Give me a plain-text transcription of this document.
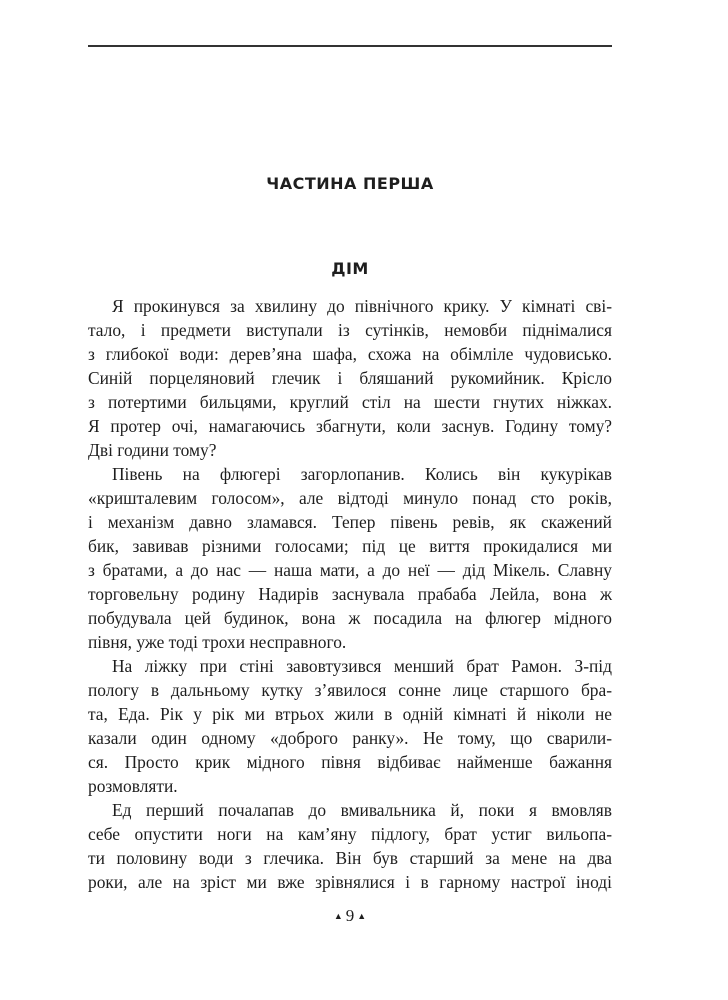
ЧАСТИНА ПЕРША
ДІМ
Я прокинувся за хвилину до північного крику. У кімнаті сві-
тало, і предмети виступали із сутінків, немовби піднімалися
з глибокої води: дерев’яна шафа, схожа на обімліле чудовисько.
Синій порцеляновий глечик і бляшаний рукомийник. Крісло
з потертими бильцями, круглий стіл на шести гнутих ніжках.
Я протер очі, намагаючись збагнути, коли заснув. Годину тому?
Дві години тому?
Півень на флюгері загорлопанив. Колись він кукурікав
«кришталевим голосом», але відтоді минуло понад сто років,
і механізм давно зламався. Тепер півень ревів, як скажений
бик, завивав різними голосами; під це виття прокидалися ми
з братами, а до нас — наша мати, а до неї — дід Мікель. Славну
торговельну родину Надирів заснувала прабаба Лейла, вона ж
побудувала цей будинок, вона ж посадила на флюгер мідного
півня, уже тоді трохи несправного.
На ліжку при стіні завовтузився менший брат Рамон. З-під
пологу в дальньому кутку з’явилося сонне лице старшого бра-
та, Еда. Рік у рік ми втрьох жили в одній кімнаті й ніколи не
казали один одному «доброго ранку». Не тому, що сварили-
ся. Просто крик мідного півня відбиває найменше бажання
розмовляти.
Ед перший почалапав до вмивальника й, поки я вмовляв
себе опустити ноги на кам’яну підлогу, брат устиг вильопа-
ти половину води з глечика. Він був старший за мене на два
роки, але на зріст ми вже зрівнялися і в гарному настрої іноді
▲ 9 ▲
